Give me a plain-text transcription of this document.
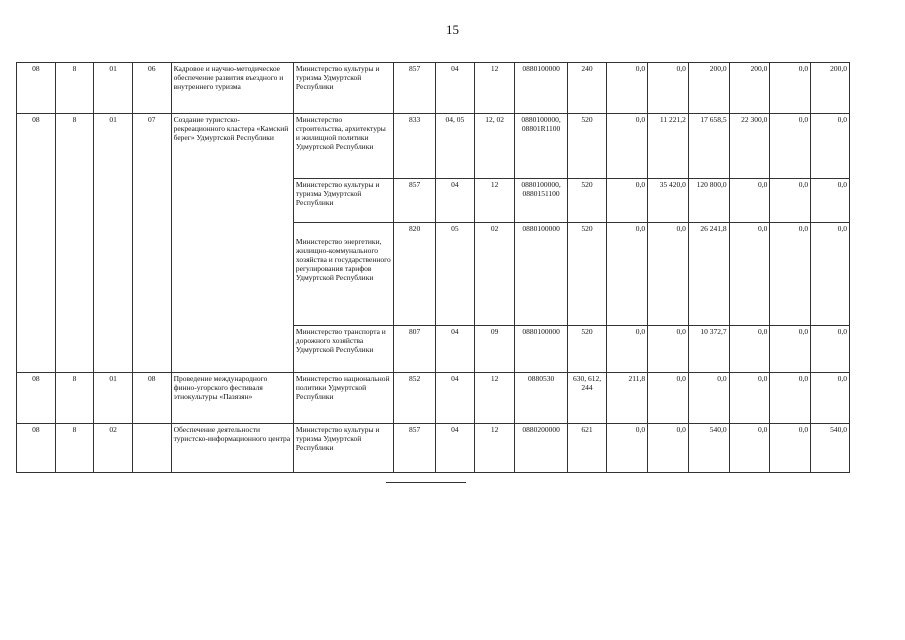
15
08	8	01	06	Кадровое и научно-методическое обеспечение развития въездного и внутреннего туризма	Министерство культуры и туризма Удмуртской Республики	857	04	12	0880100000	240	0,0	0,0	200,0	200,0	0,0	200,0
08	8	01	07	Создание туристско-рекреационного кластера «Камский берег» Удмуртской Республики	Министерство строительства, архитектуры и жилищной политики Удмуртской Республики	833	04, 05	12, 02	0880100000, 08801R1100	520	0,0	11 221,2	17 658,5	22 300,0	0,0	0,0
					Министерство культуры и туризма Удмуртской Республики	857	04	12	0880100000, 0880151100	520	0,0	35 420,0	120 800,0	0,0	0,0	0,0
					Министерство энергетики, жилищно-коммунального хозяйства и государственного регулирования тарифов Удмуртской Республики	820	05	02	0880100000	520	0,0	0,0	26 241,8	0,0	0,0	0,0
					Министерство транспорта и дорожного хозяйства Удмуртской Республики	807	04	09	0880100000	520	0,0	0,0	10 372,7	0,0	0,0	0,0
08	8	01	08	Проведение международного финно-угорского фестиваля этнокультуры «Пазязян»	Министерство национальной политики Удмуртской Республики	852	04	12	0880530	630, 612, 244	211,8	0,0	0,0	0,0	0,0	0,0
08	8	02		Обеспечение деятельности туристско-информационного центра	Министерство культуры и туризма Удмуртской Республики	857	04	12	0880200000	621	0,0	0,0	540,0	0,0	0,0	540,0
